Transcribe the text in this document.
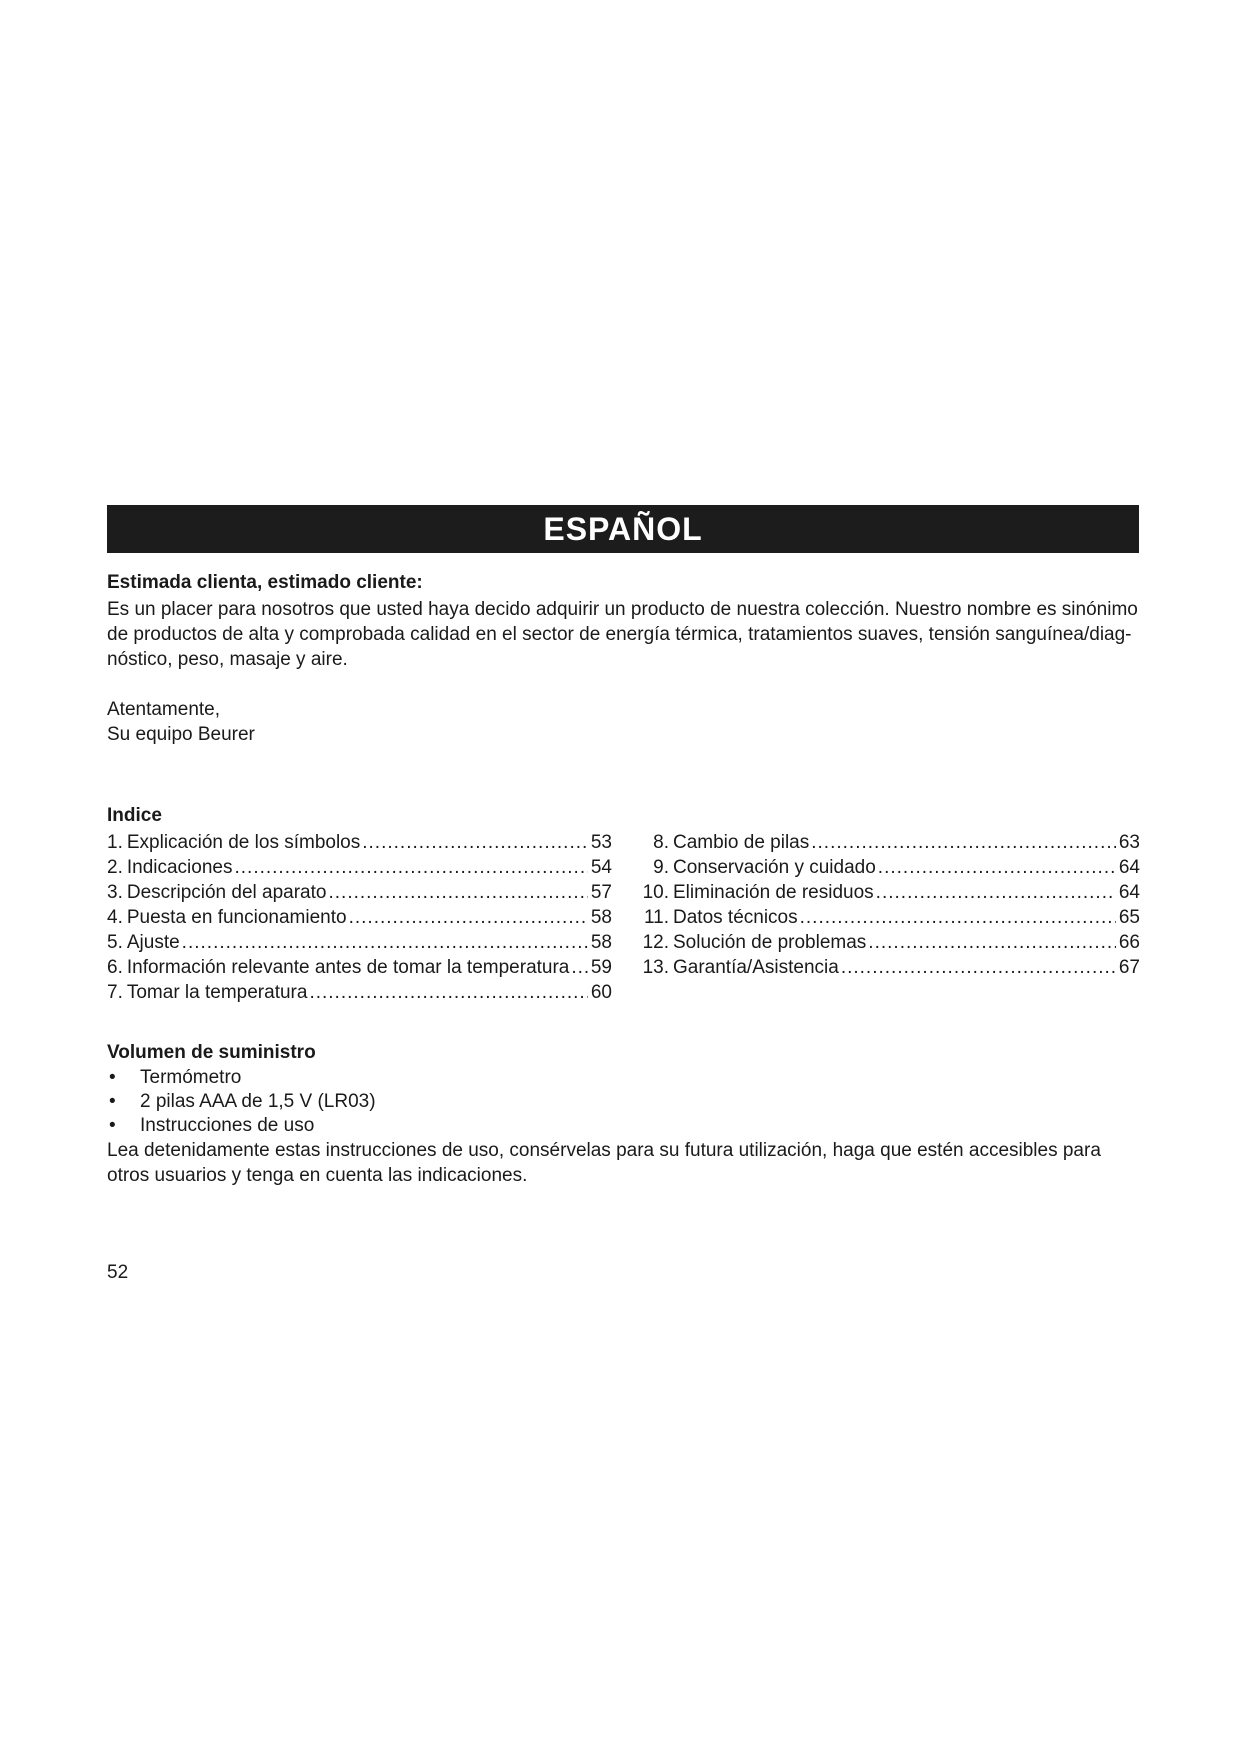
ESPAÑOL
Estimada clienta, estimado cliente:
Es un placer para nosotros que usted haya decido adquirir un producto de nuestra colección. Nuestro nombre es sinónimo de productos de alta y comprobada calidad en el sector de energía térmica, tratamientos suaves, tensión sanguínea/diag-nóstico, peso, masaje y aire.
Atentamente,
Su equipo Beurer
Indice
1. Explicación de los símbolos .....	53
2. Indicaciones .....	54
3. Descripción del aparato .....	57
4. Puesta en funcionamiento .....	58
5. Ajuste .....	58
6. Información relevante antes de tomar la temperatura ..... 59
7. Tomar la temperatura .....	60
8. Cambio de pilas .....	63
9. Conservación y cuidado .....	64
10. Eliminación de residuos .....	64
11. Datos técnicos .....	65
12. Solución de problemas .....	66
13. Garantía/Asistencia .....	67
Volumen de suministro
•	Termómetro
•	2 pilas AAA de 1,5 V (LR03)
•	Instrucciones de uso
Lea detenidamente estas instrucciones de uso, consérvelas para su futura utilización, haga que estén accesibles para otros usuarios y tenga en cuenta las indicaciones.
52
